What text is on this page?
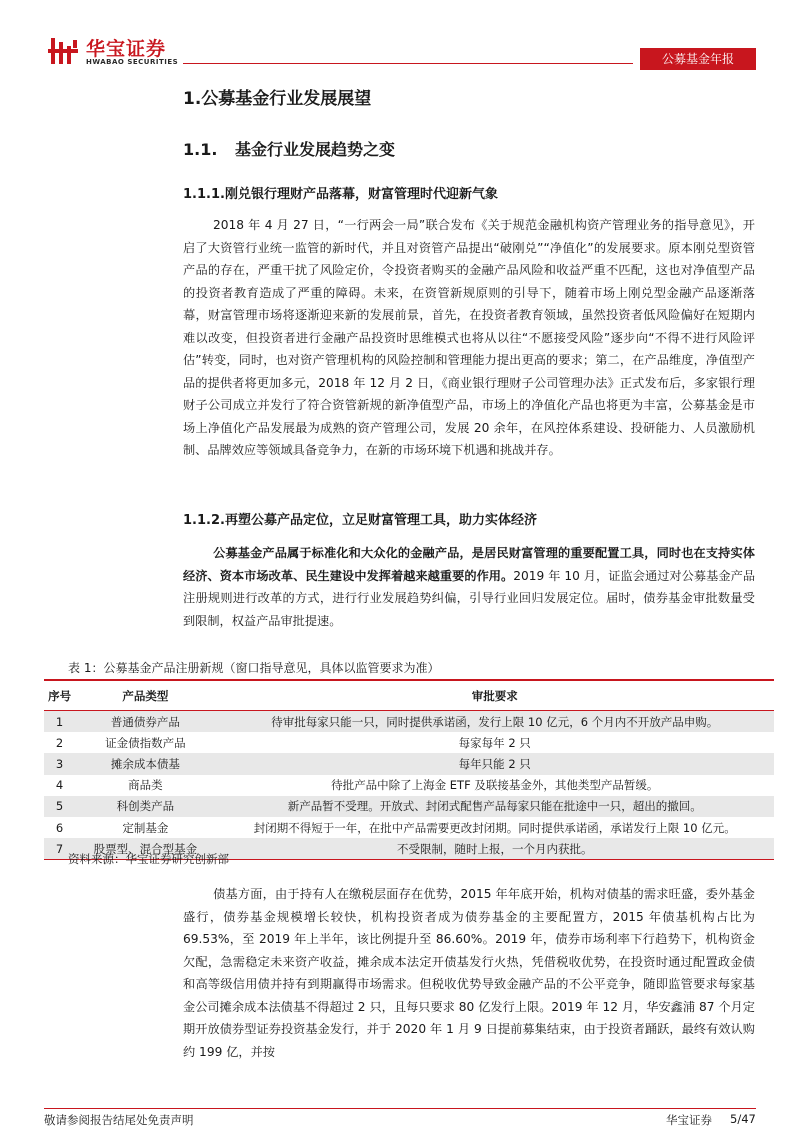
华宝证券
HWABAO SECURITIES	公募基金年报
1.公募基金行业发展展望
1.1. 基金行业发展趋势之变
1.1.1.刚兑银行理财产品落幕，财富管理时代迎新气象

2018 年 4 月 27 日，“一行两会一局”联合发布《关于规范金融机构资产管理业务的指导意见》，开启了大资管行业统一监管的新时代，并且对资管产品提出“破刚兑”“净值化”的发展要求。原本刚兑型资管产品的存在，严重干扰了风险定价，令投资者购买的金融产品风险和收益严重不匹配，这也对净值型产品的投资者教育造成了严重的障碍。未来，在资管新规原则的引导下，随着市场上刚兑型金融产品逐渐落幕，财富管理市场将逐渐迎来新的发展前景，首先，在投资者教育领域，虽然投资者低风险偏好在短期内难以改变，但投资者进行金融产品投资时思维模式也将从以往“不愿接受风险”逐步向“不得不进行风险评估”转变，同时，也对资产管理机构的风险控制和管理能力提出更高的要求；第二，在产品维度，净值型产品的提供者将更加多元，2018 年 12 月 2 日，《商业银行理财子公司管理办法》正式发布后，多家银行理财子公司成立并发行了符合资管新规的新净值型产品，市场上的净值化产品也将更为丰富，公募基金是市场上净值化产品发展最为成熟的资产管理公司，发展 20 余年，在风控体系建设、投研能力、人员激励机制、品牌效应等领域具备竞争力，在新的市场环境下机遇和挑战并存。

1.1.2.再塑公募产品定位，立足财富管理工具，助力实体经济

公募基金产品属于标准化和大众化的金融产品，是居民财富管理的重要配置工具，同时也在支持实体经济、资本市场改革、民生建设中发挥着越来越重要的作用。2019 年 10 月，证监会通过对公募基金产品注册规则进行改革的方式，进行行业发展趋势纠偏，引导行业回归发展定位。届时，债券基金审批数量受到限制，权益产品审批提速。

表 1：公募基金产品注册新规（窗口指导意见，具体以监管要求为准）
序号	产品类型	审批要求
1	普通债券产品	待审批每家只能一只，同时提供承诺函，发行上限 10 亿元，6 个月内不开放产品申购。
2	证金债指数产品	每家每年 2 只
3	摊余成本债基	每年只能 2 只
4	商品类	待批产品中除了上海金 ETF 及联接基金外，其他类型产品暂缓。
5	科创类产品	新产品暂不受理。开放式、封闭式配售产品每家只能在批途中一只，超出的撤回。
6	定制基金	封闭期不得短于一年，在批中产品需要更改封闭期。同时提供承诺函，承诺发行上限 10 亿元。
7	股票型、混合型基金	不受限制，随时上报，一个月内获批。
资料来源：华宝证券研究创新部

债基方面，由于持有人在缴税层面存在优势，2015 年年底开始，机构对债基的需求旺盛，委外基金盛行，债券基金规模增长较快，机构投资者成为债券基金的主要配置方，2015 年债基机构占比为 69.53%，至 2019 年上半年，该比例提升至 86.60%。2019 年，债券市场利率下行趋势下，机构资金欠配，急需稳定未来资产收益，摊余成本法定开债基发行火热，凭借税收优势，在投资时通过配置政金债和高等级信用债并持有到期赢得市场需求。但税收优势导致金融产品的不公平竞争，随即监管要求每家基金公司摊余成本法债基不得超过 2 只，且每只要求 80 亿发行上限。2019 年 12 月，华安鑫浦 87 个月定期开放债券型证券投资基金发行，并于 2020 年 1 月 9 日提前募集结束，由于投资者踊跃，最终有效认购约 199 亿，并按

敬请参阅报告结尾处免责声明	华宝证券 5/47
